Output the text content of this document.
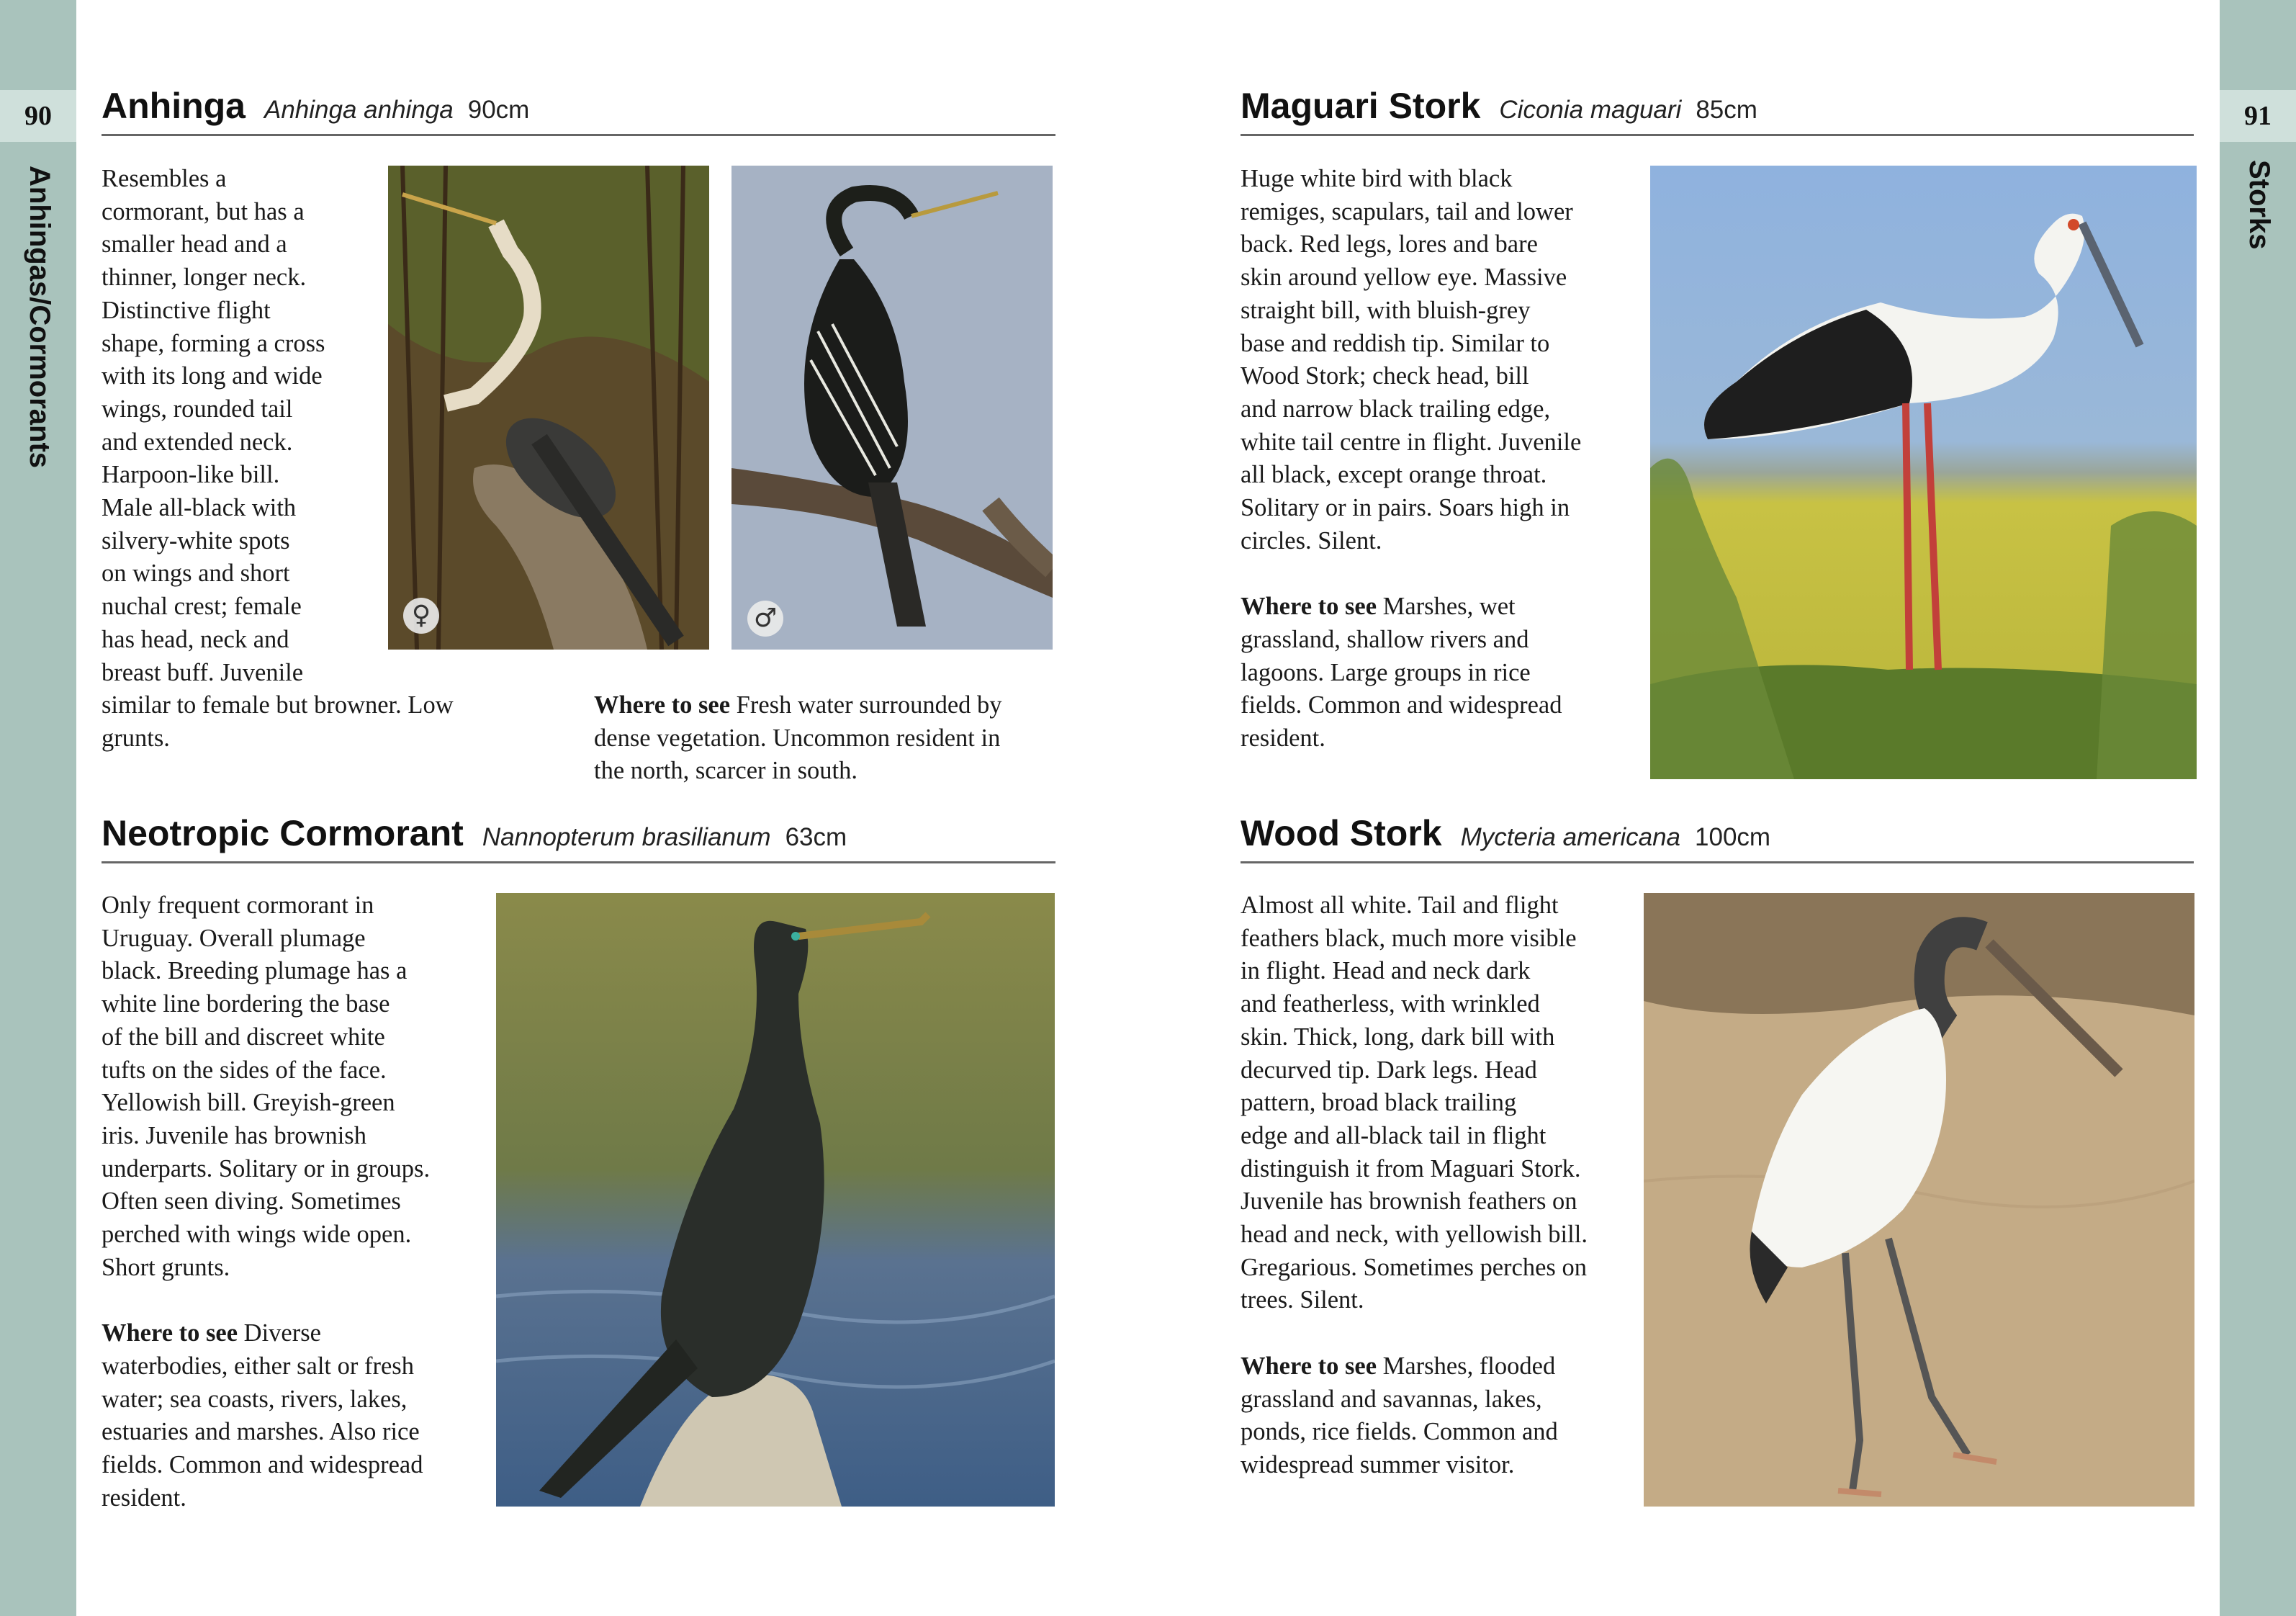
90
Anhingas/Cormorants
91
Storks
Anhinga Anhinga anhinga 90cm
Resembles a
cormorant, but has a
smaller head and a
thinner, longer neck.
Distinctive flight
shape, forming a cross
with its long and wide
wings, rounded tail
and extended neck.
Harpoon-like bill.
Male all-black with
silvery-white spots
on wings and short
nuchal crest; female
has head, neck and
breast buff. Juvenile
similar to female but browner. Low
grunts.
Where to see Fresh water surrounded by
dense vegetation. Uncommon resident in
the north, scarcer in south.
♀	♂
Neotropic Cormorant Nannopterum brasilianum 63cm
Only frequent cormorant in
Uruguay. Overall plumage
black. Breeding plumage has a
white line bordering the base
of the bill and discreet white
tufts on the sides of the face.
Yellowish bill. Greyish-green
iris. Juvenile has brownish
underparts. Solitary or in groups.
Often seen diving. Sometimes
perched with wings wide open.
Short grunts.
Where to see Diverse
waterbodies, either salt or fresh
water; sea coasts, rivers, lakes,
estuaries and marshes. Also rice
fields. Common and widespread
resident.
Maguari Stork Ciconia maguari 85cm
Huge white bird with black
remiges, scapulars, tail and lower
back. Red legs, lores and bare
skin around yellow eye. Massive
straight bill, with bluish-grey
base and reddish tip. Similar to
Wood Stork; check head, bill
and narrow black trailing edge,
white tail centre in flight. Juvenile
all black, except orange throat.
Solitary or in pairs. Soars high in
circles. Silent.
Where to see Marshes, wet
grassland, shallow rivers and
lagoons. Large groups in rice
fields. Common and widespread
resident.
Wood Stork Mycteria americana 100cm
Almost all white. Tail and flight
feathers black, much more visible
in flight. Head and neck dark
and featherless, with wrinkled
skin. Thick, long, dark bill with
decurved tip. Dark legs. Head
pattern, broad black trailing
edge and all-black tail in flight
distinguish it from Maguari Stork.
Juvenile has brownish feathers on
head and neck, with yellowish bill.
Gregarious. Sometimes perches on
trees. Silent.
Where to see Marshes, flooded
grassland and savannas, lakes,
ponds, rice fields. Common and
widespread summer visitor.
